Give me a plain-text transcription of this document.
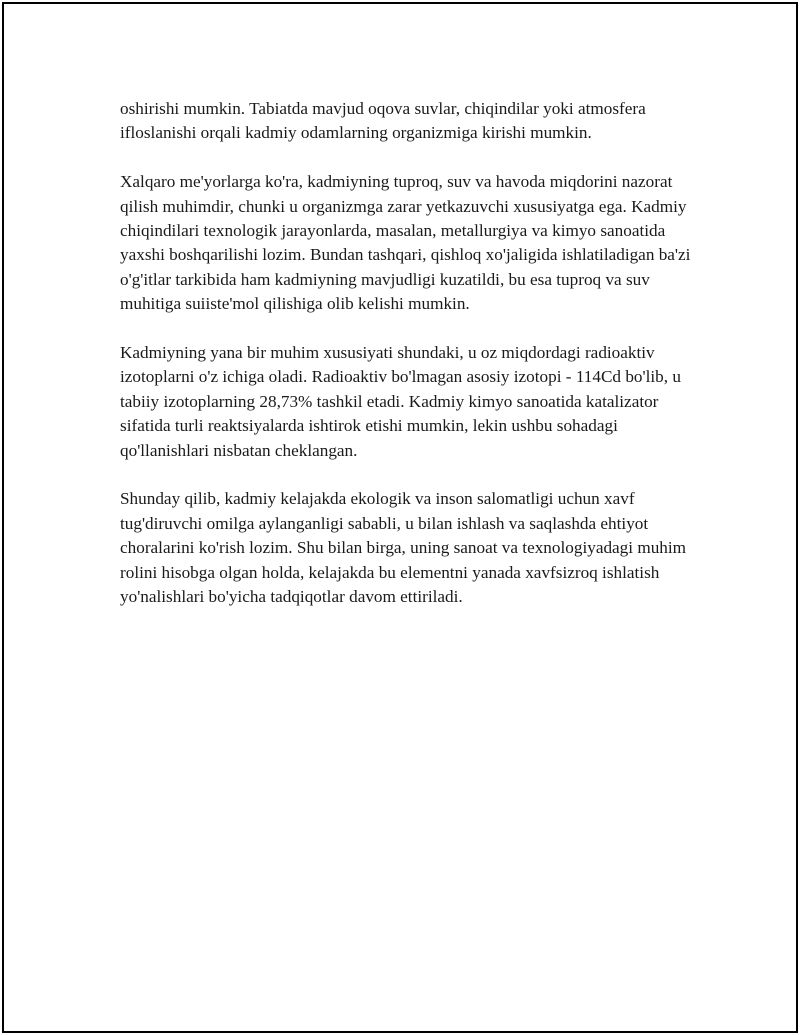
oshirishi mumkin. Tabiatda mavjud oqova suvlar, chiqindilar yoki atmosfera ifloslanishi orqali kadmiy odamlarning organizmiga kirishi mumkin.

Xalqaro me'yorlarga ko'ra, kadmiyning tuproq, suv va havoda miqdorini nazorat qilish muhimdir, chunki u organizmga zarar yetkazuvchi xususiyatga ega. Kadmiy chiqindilari texnologik jarayonlarda, masalan, metallurgiya va kimyo sanoatida yaxshi boshqarilishi lozim. Bundan tashqari, qishloq xo'jaligida ishlatiladigan ba'zi o'g'itlar tarkibida ham kadmiyning mavjudligi kuzatildi, bu esa tuproq va suv muhitiga suiiste'mol qilishiga olib kelishi mumkin.

Kadmiyning yana bir muhim xususiyati shundaki, u oz miqdordagi radioaktiv izotoplarni o'z ichiga oladi. Radioaktiv bo'lmagan asosiy izotopi - 114Cd bo'lib, u tabiiy izotoplarning 28,73% tashkil etadi. Kadmiy kimyo sanoatida katalizator sifatida turli reaktsiyalarda ishtirok etishi mumkin, lekin ushbu sohadagi qo'llanishlari nisbatan cheklangan.

Shunday qilib, kadmiy kelajakda ekologik va inson salomatligi uchun xavf tug'diruvchi omilga aylanganligi sababli, u bilan ishlash va saqlashda ehtiyot choralarini ko'rish lozim. Shu bilan birga, uning sanoat va texnologiyadagi muhim rolini hisobga olgan holda, kelajakda bu elementni yanada xavfsizroq ishlatish yo'nalishlari bo'yicha tadqiqotlar davom ettiriladi.
